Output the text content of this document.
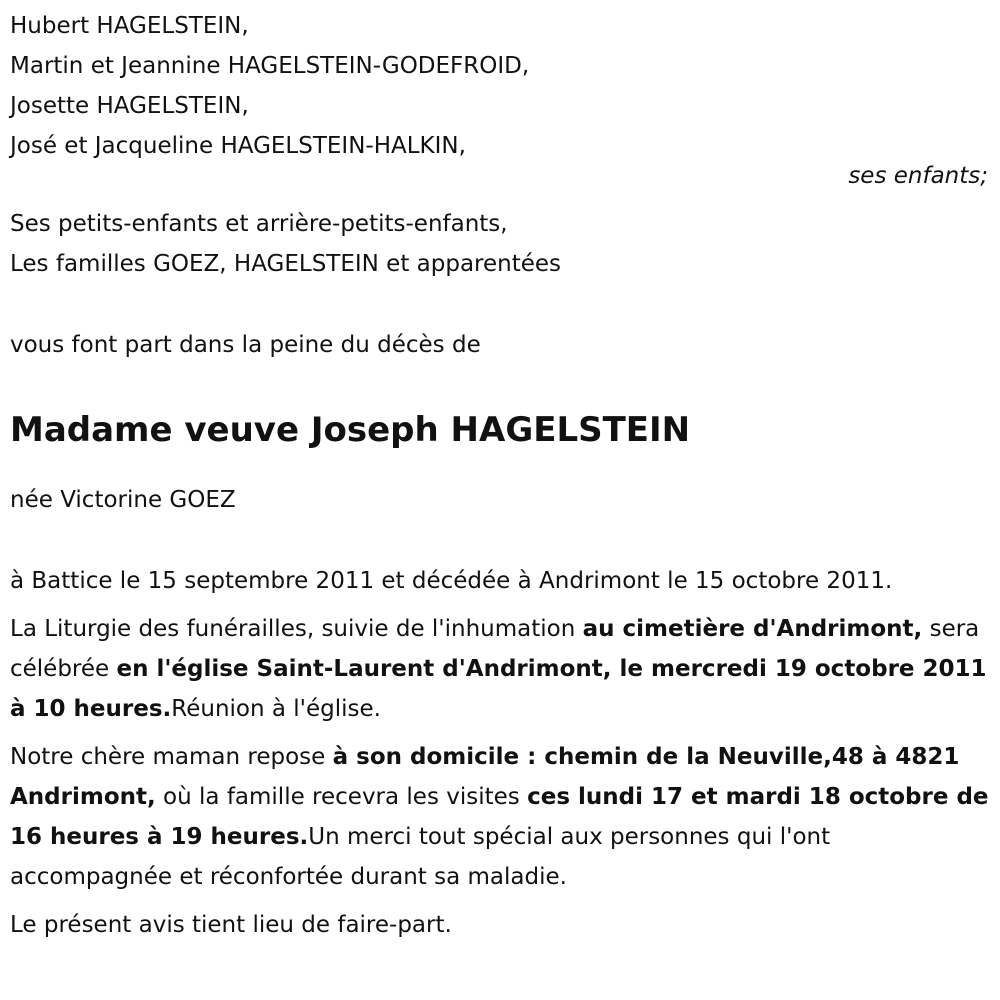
Hubert HAGELSTEIN,
Martin et Jeannine HAGELSTEIN-GODEFROID,
Josette HAGELSTEIN,
José et Jacqueline HAGELSTEIN-HALKIN,
ses enfants;
Ses petits-enfants et arrière-petits-enfants,
Les familles GOEZ, HAGELSTEIN et apparentées
vous font part dans la peine du décès de
Madame veuve Joseph HAGELSTEIN
née Victorine GOEZ

à Battice le 15 septembre 2011 et décédée à Andrimont le 15 octobre 2011.

La Liturgie des funérailles, suivie de l'inhumation au cimetière d'Andrimont, sera célébrée en l'église Saint-Laurent d'Andrimont, le mercredi 19 octobre 2011 à 10 heures.Réunion à l'église.

Notre chère maman repose à son domicile : chemin de la Neuville,48 à 4821 Andrimont, où la famille recevra les visites ces lundi 17 et mardi 18 octobre de 16 heures à 19 heures.Un merci tout spécial aux personnes qui l'ont accompagnée et réconfortée durant sa maladie.

Le présent avis tient lieu de faire-part.
